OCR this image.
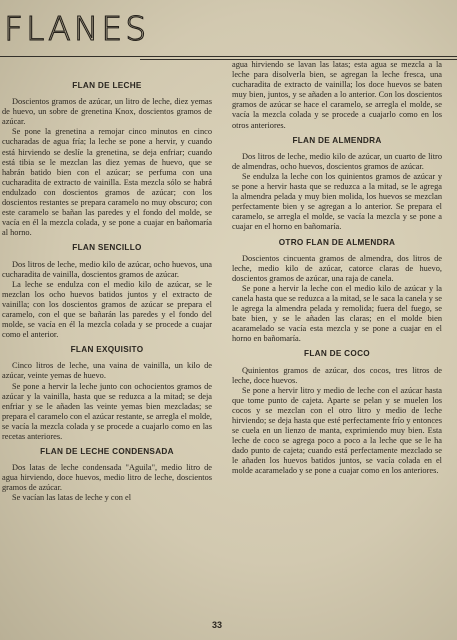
FLANES
FLAN DE LECHE

Doscientos gramos de azúcar, un litro de leche, diez yemas de huevo, un sobre de grenetina Knox, doscientos gramos de azúcar.

Se pone la grenetina a remojar cinco minutos en cinco cucharadas de agua fría; la leche se pone a hervir, y cuando está hirviendo se deslíe la grenetina, se deja enfriar; cuando está tibia se le mezclan las diez yemas de huevo, que se habrán batido bien con el azúcar; se perfuma con una cucharadita de extracto de vainilla. Esta mezcla sólo se habrá endulzado con doscientos gramos de azúcar; con los doscientos restantes se prepara caramelo no muy obscuro; con este caramelo se bañan las paredes y el fondo del molde, se vacía en él la mezcla colada, y se pone a cuajar en bañomaría al horno.

FLAN SENCILLO

Dos litros de leche, medio kilo de azúcar, ocho huevos, una cucharadita de vainilla, doscientos gramos de azúcar.

La leche se endulza con el medio kilo de azúcar, se le mezclan los ocho huevos batidos juntos y el extracto de vainilla; con los doscientos gramos de azúcar se prepara el caramelo, con el que se bañarán las paredes y el fondo del molde, se vacía en él la mezcla colada y se procede a cuajar como el anterior.

FLAN EXQUISITO

Cinco litros de leche, una vaina de vainilla, un kilo de azúcar, veinte yemas de huevo.

Se pone a hervir la leche junto con ochocientos gramos de azúcar y la vainilla, hasta que se reduzca a la mitad; se deja enfriar y se le añaden las veinte yemas bien mezcladas; se prepara el caramelo con el azúcar restante, se arregla el molde, se vacía la mezcla colada y se procede a cuajarlo como en las recetas anteriores.

FLAN DE LECHE CONDENSADA

Dos latas de leche condensada "Aguila", medio litro de agua hirviendo, doce huevos, medio litro de leche, doscientos gramos de azúcar.

Se vacían las latas de leche y con el

agua hirviendo se lavan las latas; esta agua se mezcla a la leche para disolverla bien, se agregan la leche fresca, una cucharadita de extracto de vainilla; los doce huevos se baten muy bien, juntos, y se añaden a lo anterior. Con los doscientos gramos de azúcar se hace el caramelo, se arregla el molde, se vacía la mezcla colada y se procede a cuajarlo como en los otros anteriores.

FLAN DE ALMENDRA

Dos litros de leche, medio kilo de azúcar, un cuarto de litro de almendras, ocho huevos, doscientos gramos de azúcar.

Se endulza la leche con los quinientos gramos de azúcar y se pone a hervir hasta que se reduzca a la mitad, se le agrega la almendra pelada y muy bien molida, los huevos se mezclan perfectamente bien y se agregan a lo anterior. Se prepara el caramelo, se arregla el molde, se vacía la mezcla y se pone a cuajar en el horno en bañomaría.

OTRO FLAN DE ALMENDRA

Doscientos cincuenta gramos de almendra, dos litros de leche, medio kilo de azúcar, catorce claras de huevo, doscientos gramos de azúcar, una raja de canela.

Se pone a hervir la leche con el medio kilo de azúcar y la canela hasta que se reduzca a la mitad, se le saca la canela y se le agrega la almendra pelada y remolida; fuera del fuego, se bate bien, y se le añaden las claras; en el molde bien acaramelado se vacía esta mezcla y se pone a cuajar en el horno en bañomaría.

FLAN DE COCO

Quinientos gramos de azúcar, dos cocos, tres litros de leche, doce huevos.

Se pone a hervir litro y medio de leche con el azúcar hasta que tome punto de cajeta. Aparte se pelan y se muelen los cocos y se mezclan con el otro litro y medio de leche hirviendo; se deja hasta que esté perfectamente frío y entonces se cuela en un lienzo de manta, exprimiendo muy bien. Esta leche de coco se agrega poco a poco a la leche que se le ha dado punto de cajeta; cuando está perfectamente mezclado se le añaden los huevos batidos juntos, se vacía colada en el molde acaramelado y se pone a cuajar como en los anteriores.

33
